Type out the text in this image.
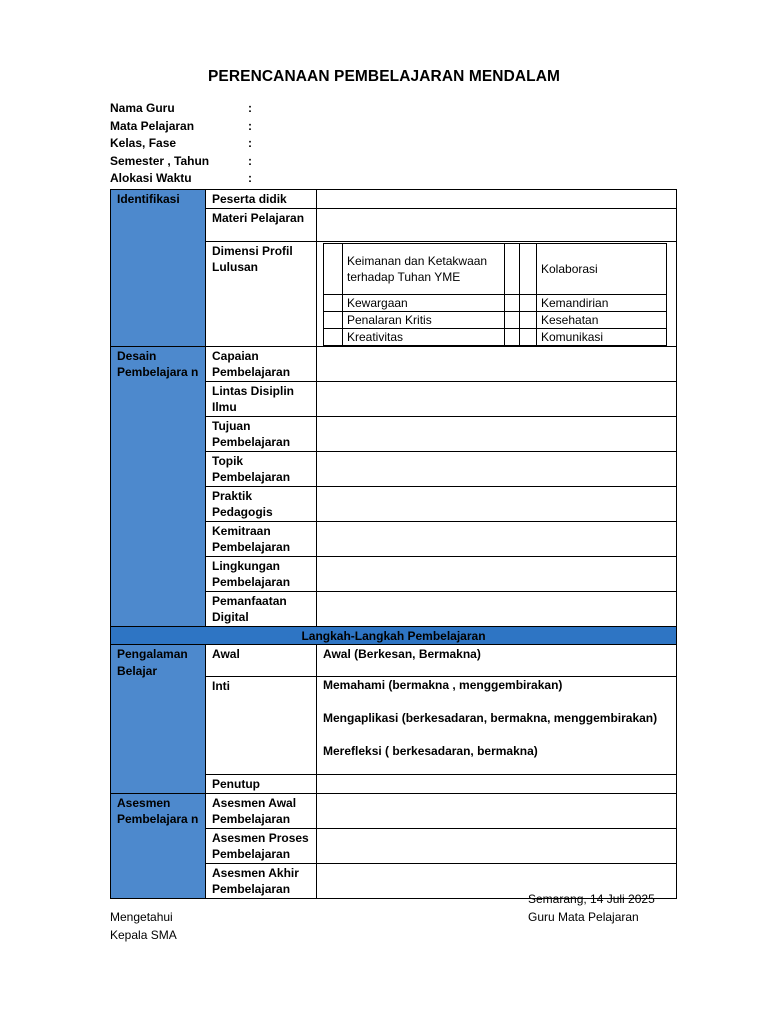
PERENCANAAN PEMBELAJARAN MENDALAM
Nama Guru	:
Mata Pelajaran	:
Kelas, Fase	:
Semester , Tahun	:
Alokasi Waktu	:
Identifikasi	Peserta didik	
Materi Pelajaran	
Dimensi Profil Lulusan	
		Keimanan dan Ketakwaan terhadap Tuhan YME			Kolaborasi	
	Kewargaan			Kemandirian	
	Penalaran Kritis			Kesehatan	
	Kreativitas			Komunikasi	

Desain Pembelajara n	Capaian Pembelajaran	
Lintas Disiplin Ilmu	
Tujuan Pembelajaran	
Topik Pembelajaran	
Praktik Pedagogis	
Kemitraan Pembelajaran	
Lingkungan Pembelajaran	
Pemanfaatan Digital	
Langkah-Langkah Pembelajaran
Pengalaman Belajar	Awal	Awal (Berkesan, Bermakna)
Inti	Memahami (bermakna , menggembirakan)
Mengaplikasi (berkesadaran, bermakna, menggembirakan)
Merefleksi ( berkesadaran, bermakna)

Penutup	
Asesmen Pembelajara n	Asesmen Awal Pembelajaran	
Asesmen Proses Pembelajaran	
Asesmen Akhir Pembelajaran	
Semarang, 14 Juli 2025
Guru Mata Pelajaran
Mengetahui
Kepala SMA
